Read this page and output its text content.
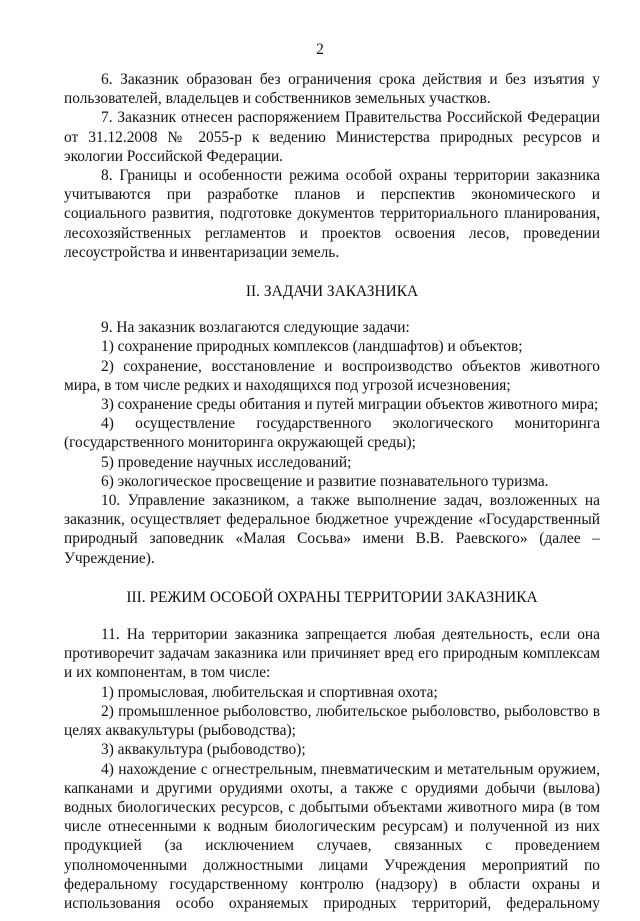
2

6. Заказник образован без ограничения срока действия и без изъятия у пользователей, владельцев и собственников земельных участков.

7. Заказник отнесен распоряжением Правительства Российской Федерации от 31.12.2008 № 2055-р к ведению Министерства природных ресурсов и экологии Российской Федерации.

8. Границы и особенности режима особой охраны территории заказника учитываются при разработке планов и перспектив экономического и социального развития, подготовке документов территориального планирования, лесохозяйственных регламентов и проектов освоения лесов, проведении лесоустройства и инвентаризации земель.

II. ЗАДАЧИ ЗАКАЗНИКА

9. На заказник возлагаются следующие задачи:

1) сохранение природных комплексов (ландшафтов) и объектов;

2) сохранение, восстановление и воспроизводство объектов животного мира, в том числе редких и находящихся под угрозой исчезновения;

3) сохранение среды обитания и путей миграции объектов животного мира;

4) осуществление государственного экологического мониторинга (государственного мониторинга окружающей среды);

5) проведение научных исследований;

6) экологическое просвещение и развитие познавательного туризма.

10. Управление заказником, а также выполнение задач, возложенных на заказник, осуществляет федеральное бюджетное учреждение «Государственный природный заповедник «Малая Сосьва» имени В.В. Раевского» (далее – Учреждение).

III. РЕЖИМ ОСОБОЙ ОХРАНЫ ТЕРРИТОРИИ ЗАКАЗНИКА

11. На территории заказника запрещается любая деятельность, если она противоречит задачам заказника или причиняет вред его природным комплексам и их компонентам, в том числе:

1) промысловая, любительская и спортивная охота;

2) промышленное рыболовство, любительское рыболовство, рыболовство в целях аквакультуры (рыбоводства);

3) аквакультура (рыбоводство);

4) нахождение с огнестрельным, пневматическим и метательным оружием, капканами и другими орудиями охоты, а также с орудиями добычи (вылова) водных биологических ресурсов, с добытыми объектами животного мира (в том числе отнесенными к водным биологическим ресурсам) и полученной из них продукцией (за исключением случаев, связанных с проведением уполномоченными должностными лицами Учреждения мероприятий по федеральному государственному контролю (надзору) в области охраны и использования особо охраняемых природных территорий, федеральному
